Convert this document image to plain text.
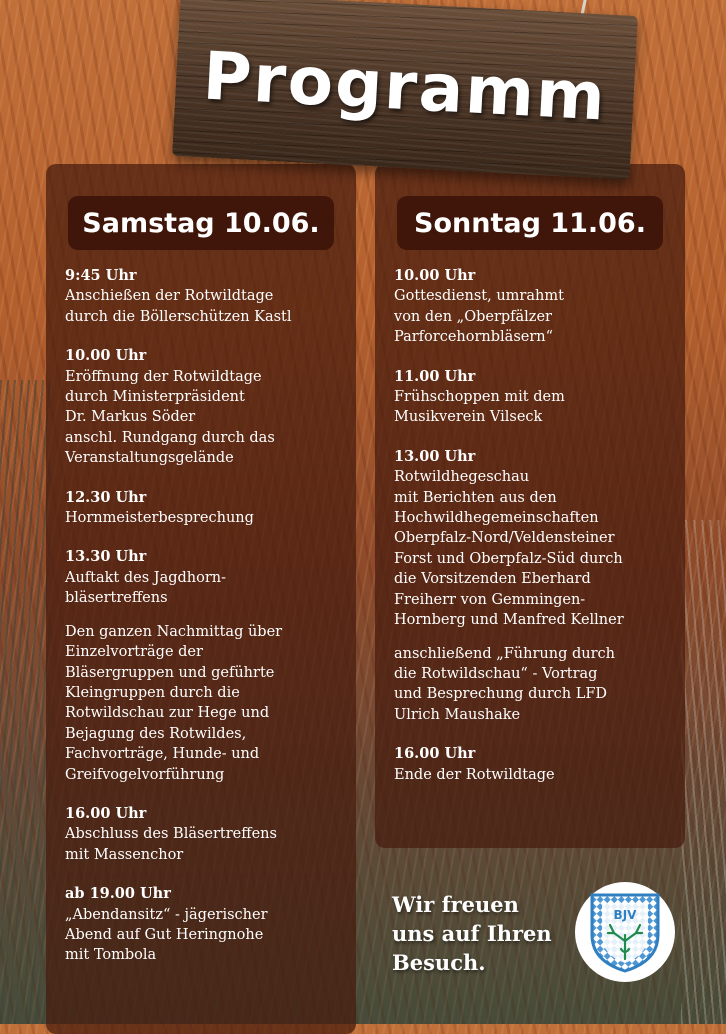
Samstag 10.06.
9:45 Uhr
Anschießen der Rotwildtage
durch die Böllerschützen Kastl
10.00 Uhr
Eröffnung der Rotwildtage
durch Ministerpräsident
Dr. Markus Söder
anschl. Rundgang durch das
Veranstaltungsgelände
12.30 Uhr
Hornmeisterbesprechung
13.30 Uhr
Auftakt des Jagdhorn-
bläsertreffens
Den ganzen Nachmittag über
Einzelvorträge der
Bläsergruppen und geführte
Kleingruppen durch die
Rotwildschau zur Hege und
Bejagung des Rotwildes,
Fachvorträge, Hunde- und
Greifvogelvorführung
16.00 Uhr
Abschluss des Bläsertreffens
mit Massenchor
ab 19.00 Uhr
„Abendansitz“ - jägerischer
Abend auf Gut Heringnohe
mit Tombola
Sonntag 11.06.
10.00 Uhr
Gottesdienst, umrahmt
von den „Oberpfälzer
Parforcehornbläsern“
11.00 Uhr
Frühschoppen mit dem
Musikverein Vilseck
13.00 Uhr
Rotwildhegeschau
mit Berichten aus den
Hochwildhegemeinschaften
Oberpfalz-Nord/Veldensteiner
Forst und Oberpfalz-Süd durch
die Vorsitzenden Eberhard
Freiherr von Gemmingen-
Hornberg und Manfred Kellner
anschließend „Führung durch
die Rotwildschau“ - Vortrag
und Besprechung durch LFD
Ulrich Maushake
16.00 Uhr
Ende der Rotwildtage
Programm
Wir freuen
uns auf Ihren
Besuch.
BJV
